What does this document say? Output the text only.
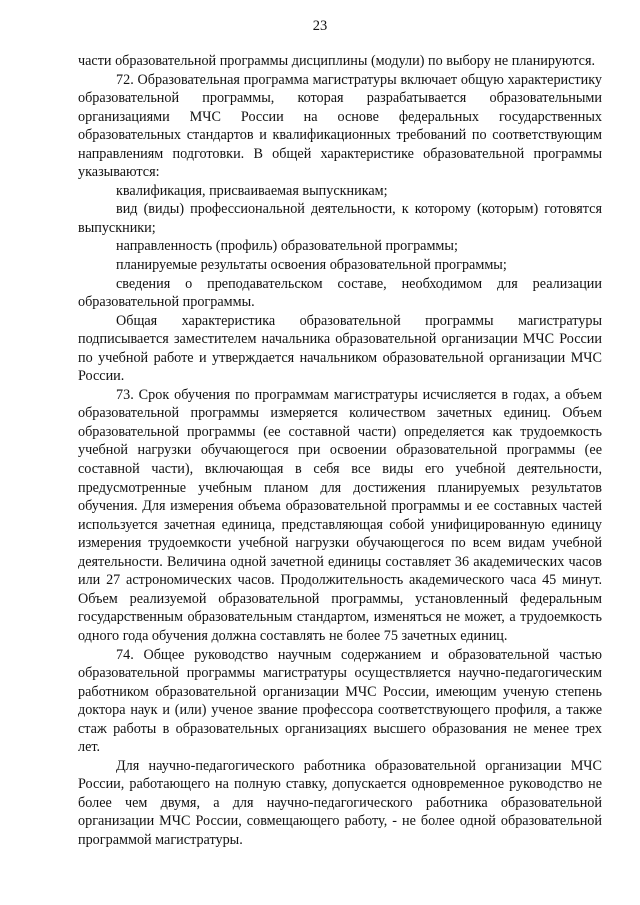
23

части образовательной программы дисциплины (модули) по выбору не планируются.

72. Образовательная программа магистратуры включает общую характеристику образовательной программы, которая разрабатывается образовательными организациями МЧС России на основе федеральных государственных образовательных стандартов и квалификационных требований по соответствующим направлениям подготовки. В общей характеристике образовательной программы указываются:

квалификация, присваиваемая выпускникам;

вид (виды) профессиональной деятельности, к которому (которым) готовятся выпускники;

направленность (профиль) образовательной программы;

планируемые результаты освоения образовательной программы;

сведения о преподавательском составе, необходимом для реализации образовательной программы.

Общая характеристика образовательной программы магистратуры подписывается заместителем начальника образовательной организации МЧС России по учебной работе и утверждается начальником образовательной организации МЧС России.

73. Срок обучения по программам магистратуры исчисляется в годах, а объем образовательной программы измеряется количеством зачетных единиц. Объем образовательной программы (ее составной части) определяется как трудоемкость учебной нагрузки обучающегося при освоении образовательной программы (ее составной части), включающая в себя все виды его учебной деятельности, предусмотренные учебным планом для достижения планируемых результатов обучения. Для измерения объема образовательной программы и ее составных частей используется зачетная единица, представляющая собой унифицированную единицу измерения трудоемкости учебной нагрузки обучающегося по всем видам учебной деятельности. Величина одной зачетной единицы составляет 36 академических часов или 27 астрономических часов. Продолжительность академического часа 45 минут. Объем реализуемой образовательной программы, установленный федеральным государственным образовательным стандартом, изменяться не может, а трудоемкость одного года обучения должна составлять не более 75 зачетных единиц.

74. Общее руководство научным содержанием и образовательной частью образовательной программы магистратуры осуществляется научно-педагогическим работником образовательной организации МЧС России, имеющим ученую степень доктора наук и (или) ученое звание профессора соответствующего профиля, а также стаж работы в образовательных организациях высшего образования не менее трех лет.

Для научно-педагогического работника образовательной организации МЧС России, работающего на полную ставку, допускается одновременное руководство не более чем двумя, а для научно-педагогического работника образовательной организации МЧС России, совмещающего работу, - не более одной образовательной программой магистратуры.
